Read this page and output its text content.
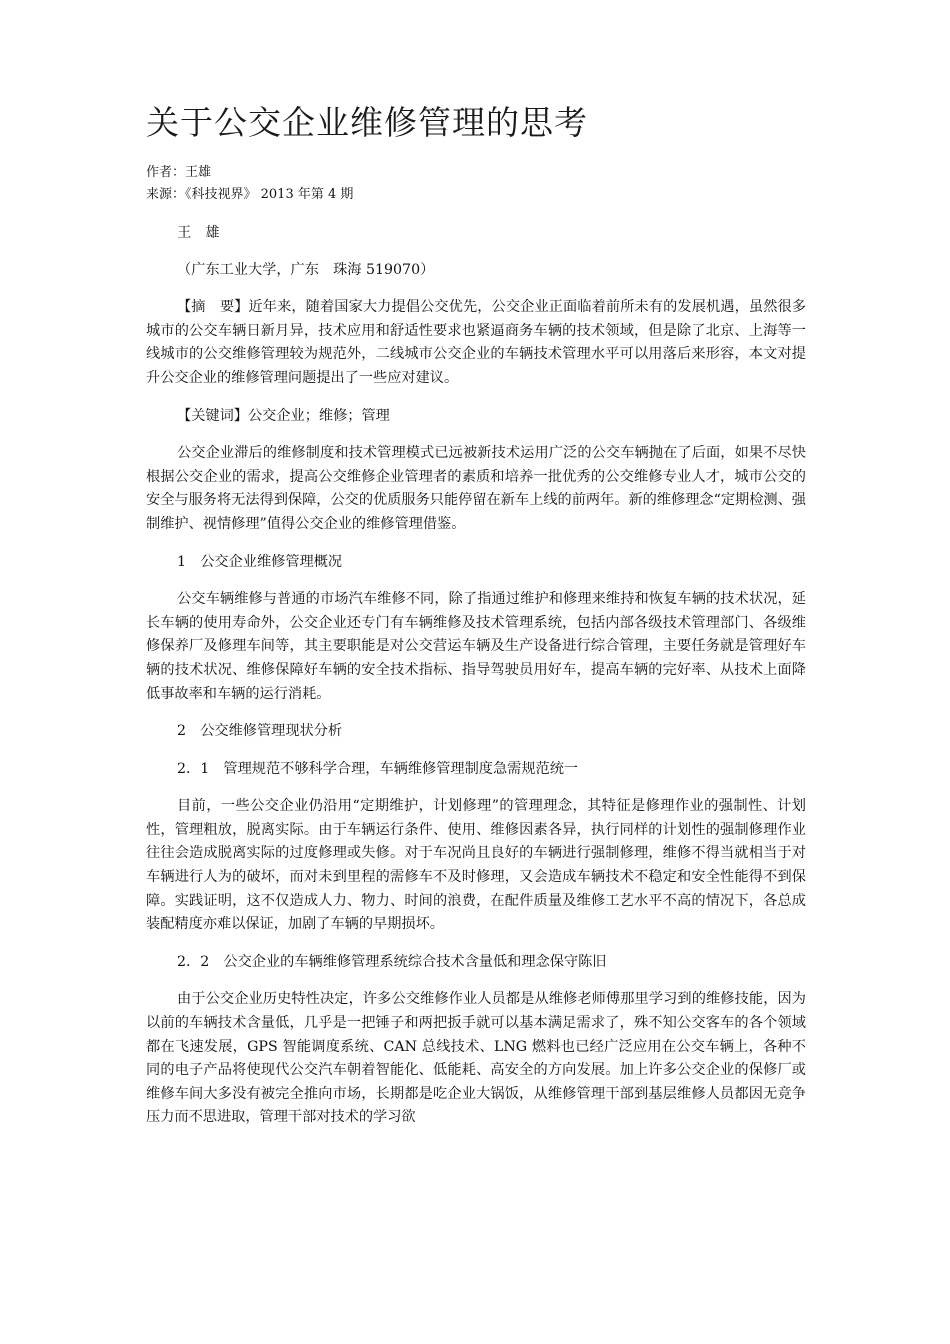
关于公交企业维修管理的思考

作者：王雄

来源：《科技视界》 2013 年第 4 期

王　雄

（广东工业大学，广东　珠海 519070）

【摘　要】近年来，随着国家大力提倡公交优先，公交企业正面临着前所未有的发展机遇，虽然很多城市的公交车辆日新月异，技术应用和舒适性要求也紧逼商务车辆的技术领域，但是除了北京、上海等一线城市的公交维修管理较为规范外，二线城市公交企业的车辆技术管理水平可以用落后来形容，本文对提升公交企业的维修管理问题提出了一些应对建议。

【关键词】公交企业；维修；管理

公交企业滞后的维修制度和技术管理模式已远被新技术运用广泛的公交车辆抛在了后面，如果不尽快根据公交企业的需求，提高公交维修企业管理者的素质和培养一批优秀的公交维修专业人才，城市公交的安全与服务将无法得到保障，公交的优质服务只能停留在新车上线的前两年。新的维修理念“定期检测、强制维护、视情修理”值得公交企业的维修管理借鉴。

1　公交企业维修管理概况

公交车辆维修与普通的市场汽车维修不同，除了指通过维护和修理来维持和恢复车辆的技术状况，延长车辆的使用寿命外，公交企业还专门有车辆维修及技术管理系统，包括内部各级技术管理部门、各级维修保养厂及修理车间等，其主要职能是对公交营运车辆及生产设备进行综合管理，主要任务就是管理好车辆的技术状况、维修保障好车辆的安全技术指标、指导驾驶员用好车，提高车辆的完好率、从技术上面降低事故率和车辆的运行消耗。

2　公交维修管理现状分析

2．1　管理规范不够科学合理，车辆维修管理制度急需规范统一

目前，一些公交企业仍沿用“定期维护，计划修理”的管理理念，其特征是修理作业的强制性、计划性，管理粗放，脱离实际。由于车辆运行条件、使用、维修因素各异，执行同样的计划性的强制修理作业往往会造成脱离实际的过度修理或失修。对于车况尚且良好的车辆进行强制修理，维修不得当就相当于对车辆进行人为的破坏，而对未到里程的需修车不及时修理，又会造成车辆技术不稳定和安全性能得不到保障。实践证明，这不仅造成人力、物力、时间的浪费，在配件质量及维修工艺水平不高的情况下，各总成装配精度亦难以保证，加剧了车辆的早期损坏。

2．2　公交企业的车辆维修管理系统综合技术含量低和理念保守陈旧

由于公交企业历史特性决定，许多公交维修作业人员都是从维修老师傅那里学习到的维修技能，因为以前的车辆技术含量低，几乎是一把锤子和两把扳手就可以基本满足需求了，殊不知公交客车的各个领域都在飞速发展，GPS 智能调度系统、CAN 总线技术、LNG 燃料也已经广泛应用在公交车辆上，各种不同的电子产品将使现代公交汽车朝着智能化、低能耗、高安全的方向发展。加上许多公交企业的保修厂或维修车间大多没有被完全推向市场，长期都是吃企业大锅饭，从维修管理干部到基层维修人员都因无竞争压力而不思进取，管理干部对技术的学习欲
